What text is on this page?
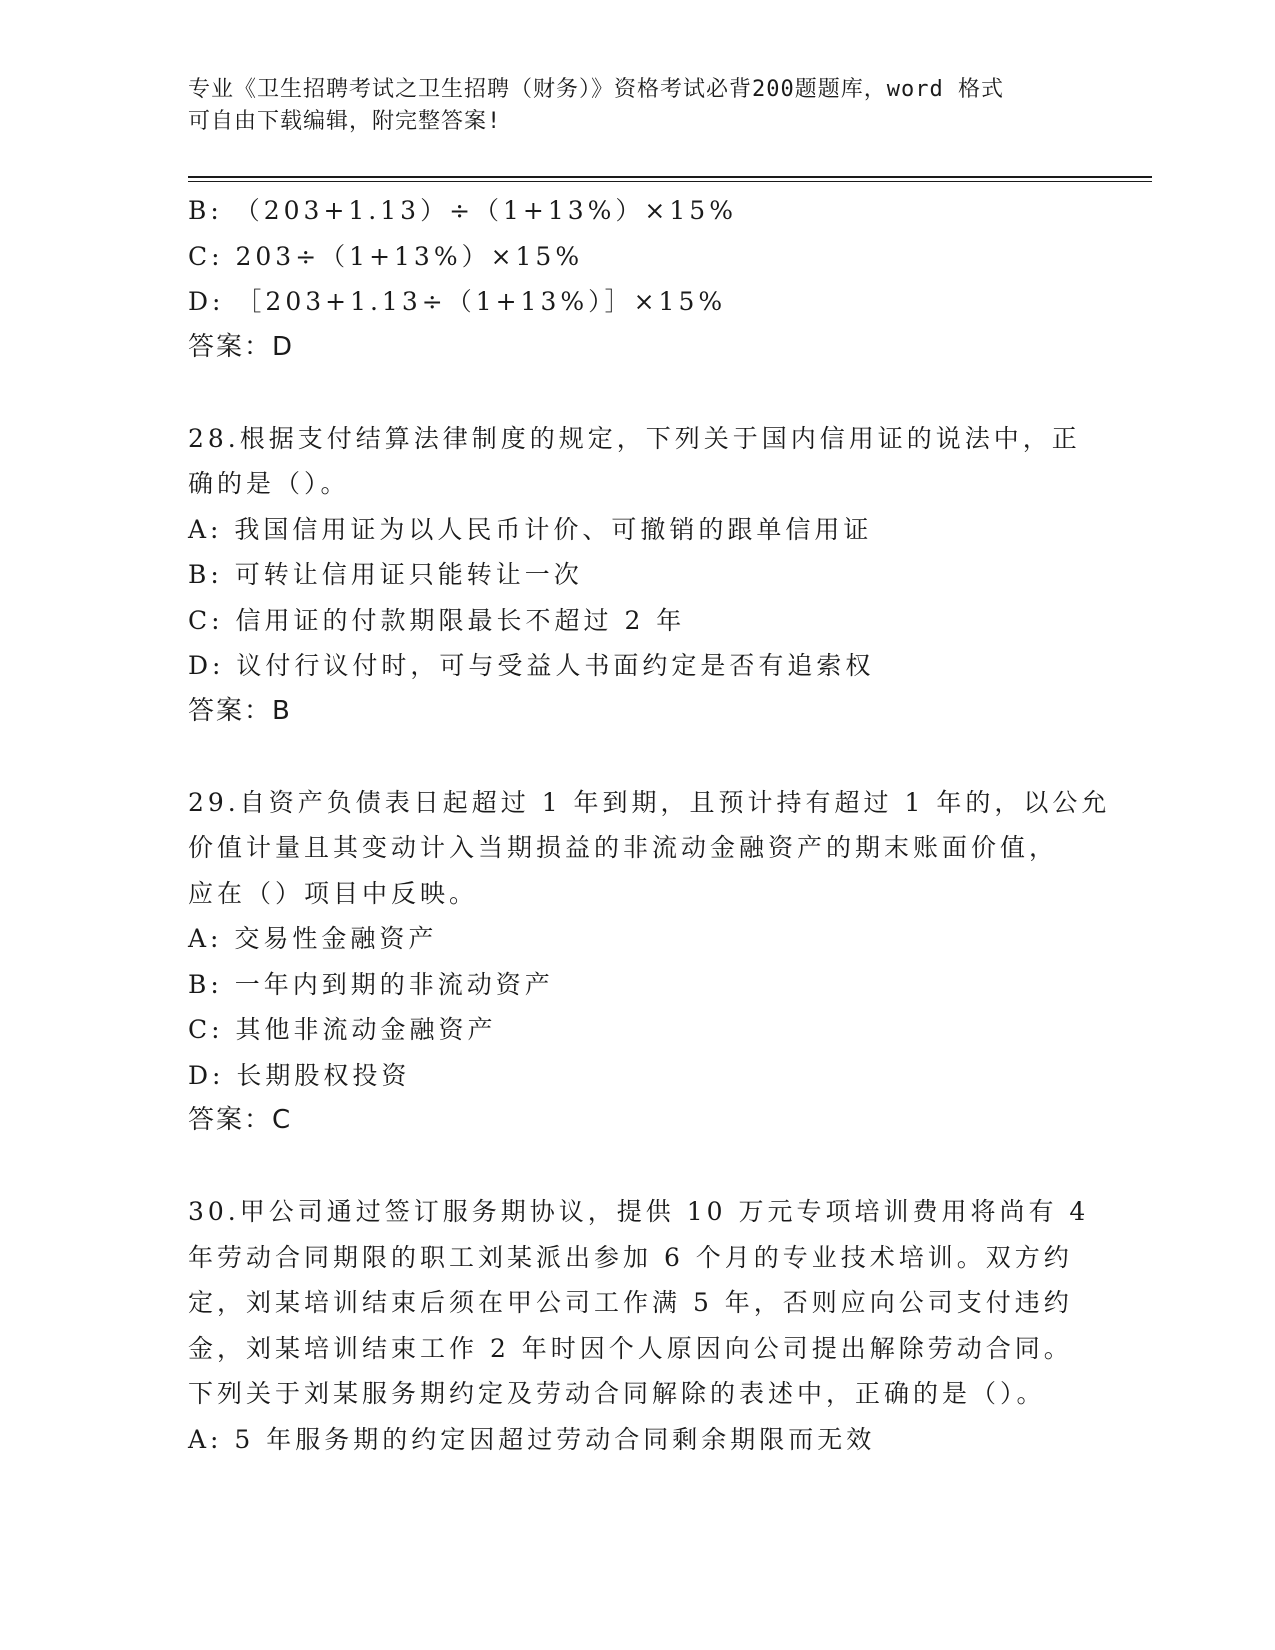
专业《卫生招聘考试之卫生招聘（财务）》资格考试必背200题题库，word 格式
可自由下载编辑，附完整答案!
B: （203+1.13）÷（1+13%）×15%
C: 203÷（1+13%）×15%
D: ［203+1.13÷（1+13%）］×15%
答案：D
28.根据支付结算法律制度的规定，下列关于国内信用证的说法中，正
确的是（）。
A: 我国信用证为以人民币计价、可撤销的跟单信用证
B: 可转让信用证只能转让一次
C: 信用证的付款期限最长不超过 2 年
D: 议付行议付时，可与受益人书面约定是否有追索权
答案：B
29.自资产负债表日起超过 1 年到期，且预计持有超过 1 年的，以公允
价值计量且其变动计入当期损益的非流动金融资产的期末账面价值，
应在（）项目中反映。
A: 交易性金融资产
B: 一年内到期的非流动资产
C: 其他非流动金融资产
D: 长期股权投资
答案：C
30.甲公司通过签订服务期协议，提供 10 万元专项培训费用将尚有 4
年劳动合同期限的职工刘某派出参加 6 个月的专业技术培训。双方约
定，刘某培训结束后须在甲公司工作满 5 年，否则应向公司支付违约
金，刘某培训结束工作 2 年时因个人原因向公司提出解除劳动合同。
下列关于刘某服务期约定及劳动合同解除的表述中，正确的是（）。
A: 5 年服务期的约定因超过劳动合同剩余期限而无效
